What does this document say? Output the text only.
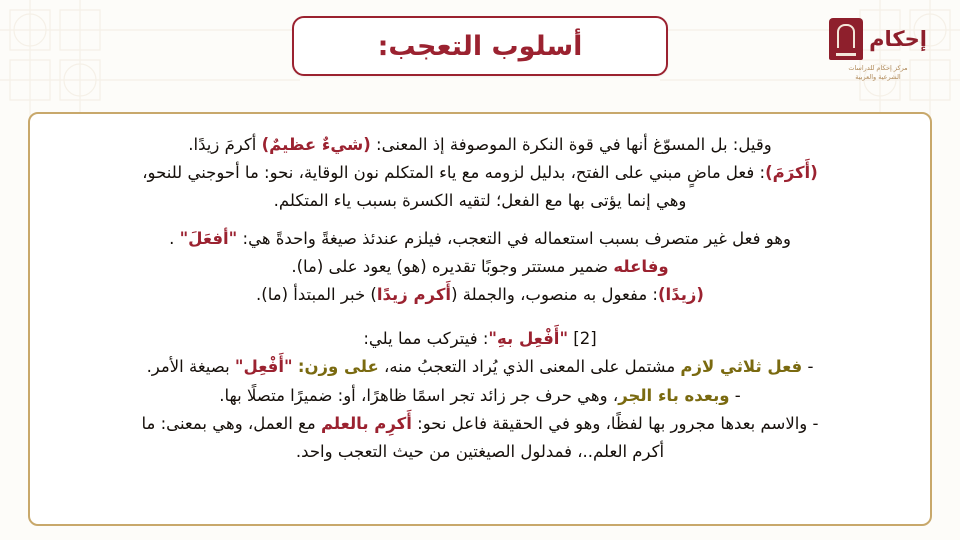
أسلوب التعجب:	إحكام
مركز إحكام للدراسات
الشرعية والعربية

وقيل: بل المسوّغ أنها في قوة النكرة الموصوفة إذ المعنى: (شيءٌ عظيمٌ) أكرمَ زيدًا.

(أَكرَمَ): فعل ماضٍ مبني على الفتح، بدليل لزومه مع ياء المتكلم نون الوقاية، نحو: ما أحوجني للنحو،

وهي إنما يؤتى بها مع الفعل؛ لتقيه الكسرة بسبب ياء المتكلم.

وهو فعل غير متصرف بسبب استعماله في التعجب، فيلزم عندئذ صيغةً واحدةً هي: "أفعَلَ" .

وفاعله ضمير مستتر وجوبًا تقديره (هو) يعود على (ما).

(زيدًا): مفعول به منصوب، والجملة (أَكرم زيدًا) خبر المبتدأ (ما).

[2] "أَفْعِل بهِ": فيتركب مما يلي:

- فعل ثلاثي لازم مشتمل على المعنى الذي يُراد التعجبُ منه، على وزن: "أَفْعِل" بصيغة الأمر.

- وبعده باء الجر، وهي حرف جر زائد تجر اسمًا ظاهرًا، أو: ضميرًا متصلًا بها.

- والاسم بعدها مجرور بها لفظًا، وهو في الحقيقة فاعل نحو: أَكرِم بالعلم مع العمل، وهي بمعنى: ما

أكرم العلم..، فمدلول الصيغتين من حيث التعجب واحد.
